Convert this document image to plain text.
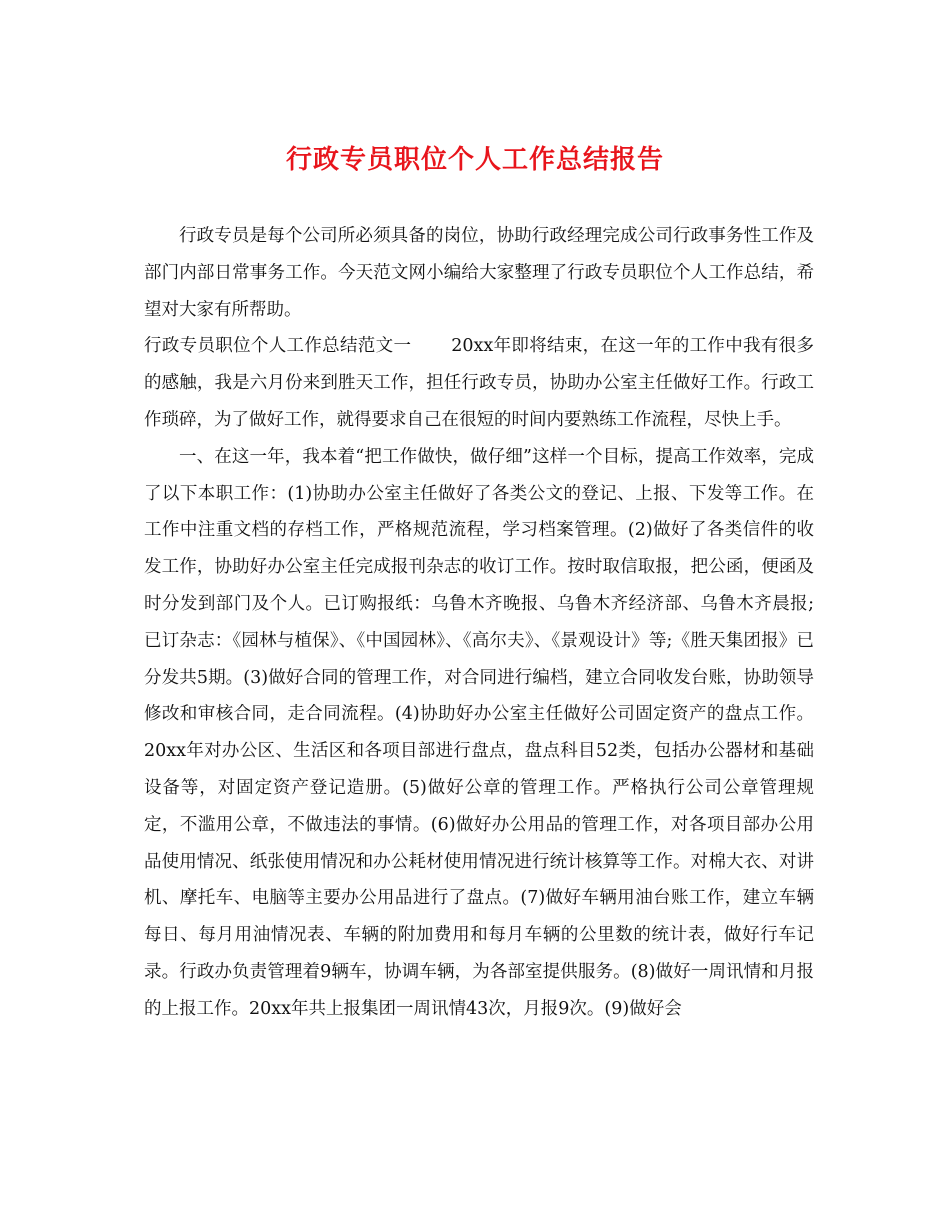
行政专员职位个人工作总结报告

行政专员是每个公司所必须具备的岗位，协助行政经理完成公司行政事务性工作及部门内部日常事务工作。今天范文网小编给大家整理了行政专员职位个人工作总结，希望对大家有所帮助。

行政专员职位个人工作总结范文一 20xx年即将结束，在这一年的工作中我有很多的感触，我是六月份来到胜天工作，担任行政专员，协助办公室主任做好工作。行政工作琐碎，为了做好工作，就得要求自己在很短的时间内要熟练工作流程，尽快上手。

一、在这一年，我本着“把工作做快，做仔细”这样一个目标，提高工作效率，完成了以下本职工作：(1)协助办公室主任做好了各类公文的登记、上报、下发等工作。在工作中注重文档的存档工作，严格规范流程，学习档案管理。(2)做好了各类信件的收发工作，协助好办公室主任完成报刊杂志的收订工作。按时取信取报，把公函，便函及时分发到部门及个人。已订购报纸：乌鲁木齐晚报、乌鲁木齐经济部、乌鲁木齐晨报;已订杂志：《园林与植保》、《中国园林》、《高尔夫》、《景观设计》等;《胜天集团报》已分发共5期。(3)做好合同的管理工作，对合同进行编档，建立合同收发台账，协助领导修改和审核合同，走合同流程。(4)协助好办公室主任做好公司固定资产的盘点工作。20xx年对办公区、生活区和各项目部进行盘点，盘点科目52类，包括办公器材和基础设备等，对固定资产登记造册。(5)做好公章的管理工作。严格执行公司公章管理规定，不滥用公章，不做违法的事情。(6)做好办公用品的管理工作，对各项目部办公用品使用情况、纸张使用情况和办公耗材使用情况进行统计核算等工作。对棉大衣、对讲机、摩托车、电脑等主要办公用品进行了盘点。(7)做好车辆用油台账工作，建立车辆每日、每月用油情况表、车辆的附加费用和每月车辆的公里数的统计表，做好行车记录。行政办负责管理着9辆车，协调车辆，为各部室提供服务。(8)做好一周讯情和月报的上报工作。20xx年共上报集团一周讯情43次，月报9次。(9)做好会
